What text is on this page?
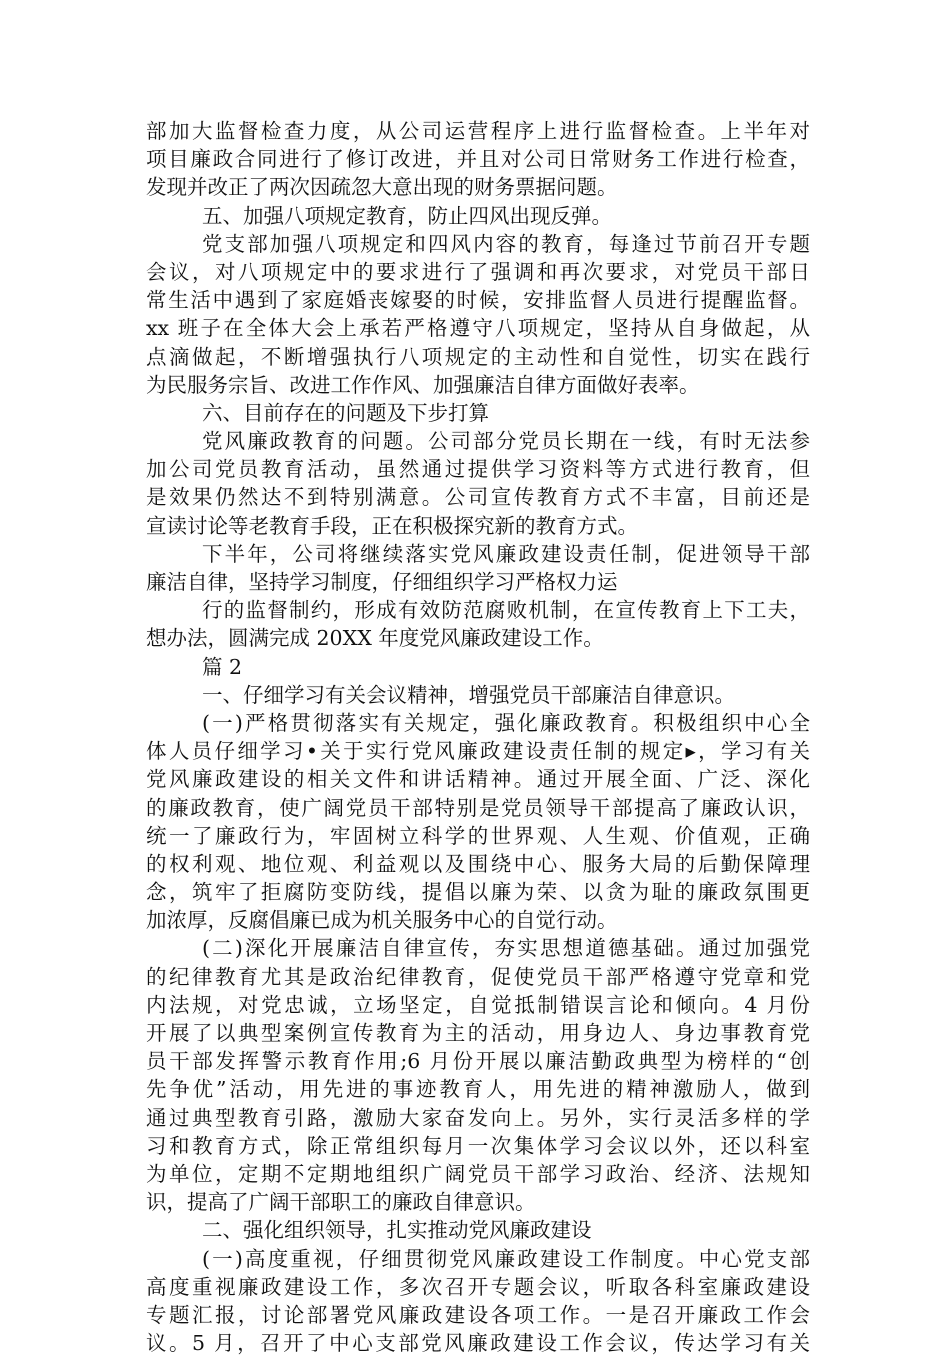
部加大监督检查力度，从公司运营程序上进行监督检查。上半年对
项目廉政合同进行了修订改进，并且对公司日常财务工作进行检查，
发现并改正了两次因疏忽大意出现的财务票据问题。
五、加强八项规定教育，防止四风出现反弹。
党支部加强八项规定和四风内容的教育，每逢过节前召开专题
会议，对八项规定中的要求进行了强调和再次要求，对党员干部日
常生活中遇到了家庭婚丧嫁娶的时候，安排监督人员进行提醒监督。
xx 班子在全体大会上承若严格遵守八项规定，坚持从自身做起，从
点滴做起，不断增强执行八项规定的主动性和自觉性，切实在践行
为民服务宗旨、改进工作作风、加强廉洁自律方面做好表率。
六、目前存在的问题及下步打算
党风廉政教育的问题。公司部分党员长期在一线，有时无法参
加公司党员教育活动，虽然通过提供学习资料等方式进行教育，但
是效果仍然达不到特别满意。公司宣传教育方式不丰富，目前还是
宣读讨论等老教育手段，正在积极探究新的教育方式。
下半年，公司将继续落实党风廉政建设责任制，促进领导干部
廉洁自律，坚持学习制度，仔细组织学习严格权力运
行的监督制约，形成有效防范腐败机制，在宣传教育上下工夫，
想办法，圆满完成 20XX 年度党风廉政建设工作。
篇 2
一、仔细学习有关会议精神，增强党员干部廉洁自律意识。
(一)严格贯彻落实有关规定，强化廉政教育。积极组织中心全
体人员仔细学习•关于实行党风廉政建设责任制的规定▸，学习有关
党风廉政建设的相关文件和讲话精神。通过开展全面、广泛、深化
的廉政教育，使广阔党员干部特别是党员领导干部提高了廉政认识，
统一了廉政行为，牢固树立科学的世界观、人生观、价值观，正确
的权利观、地位观、利益观以及围绕中心、服务大局的后勤保障理
念，筑牢了拒腐防变防线，提倡以廉为荣、以贪为耻的廉政氛围更
加浓厚，反腐倡廉已成为机关服务中心的自觉行动。
(二)深化开展廉洁自律宣传，夯实思想道德基础。通过加强党
的纪律教育尤其是政治纪律教育，促使党员干部严格遵守党章和党
内法规，对党忠诚，立场坚定，自觉抵制错误言论和倾向。4 月份
开展了以典型案例宣传教育为主的活动，用身边人、身边事教育党
员干部发挥警示教育作用;6 月份开展以廉洁勤政典型为榜样的“创
先争优”活动，用先进的事迹教育人，用先进的精神激励人，做到
通过典型教育引路，激励大家奋发向上。另外，实行灵活多样的学
习和教育方式，除正常组织每月一次集体学习会议以外，还以科室
为单位，定期不定期地组织广阔党员干部学习政治、经济、法规知
识，提高了广阔干部职工的廉政自律意识。
二、强化组织领导，扎实推动党风廉政建设
(一)高度重视，仔细贯彻党风廉政建设工作制度。中心党支部
高度重视廉政建设工作，多次召开专题会议，听取各科室廉政建设
专题汇报，讨论部署党风廉政建设各项工作。一是召开廉政工作会
议。5 月，召开了中心支部党风廉政建设工作会议，传达学习有关
